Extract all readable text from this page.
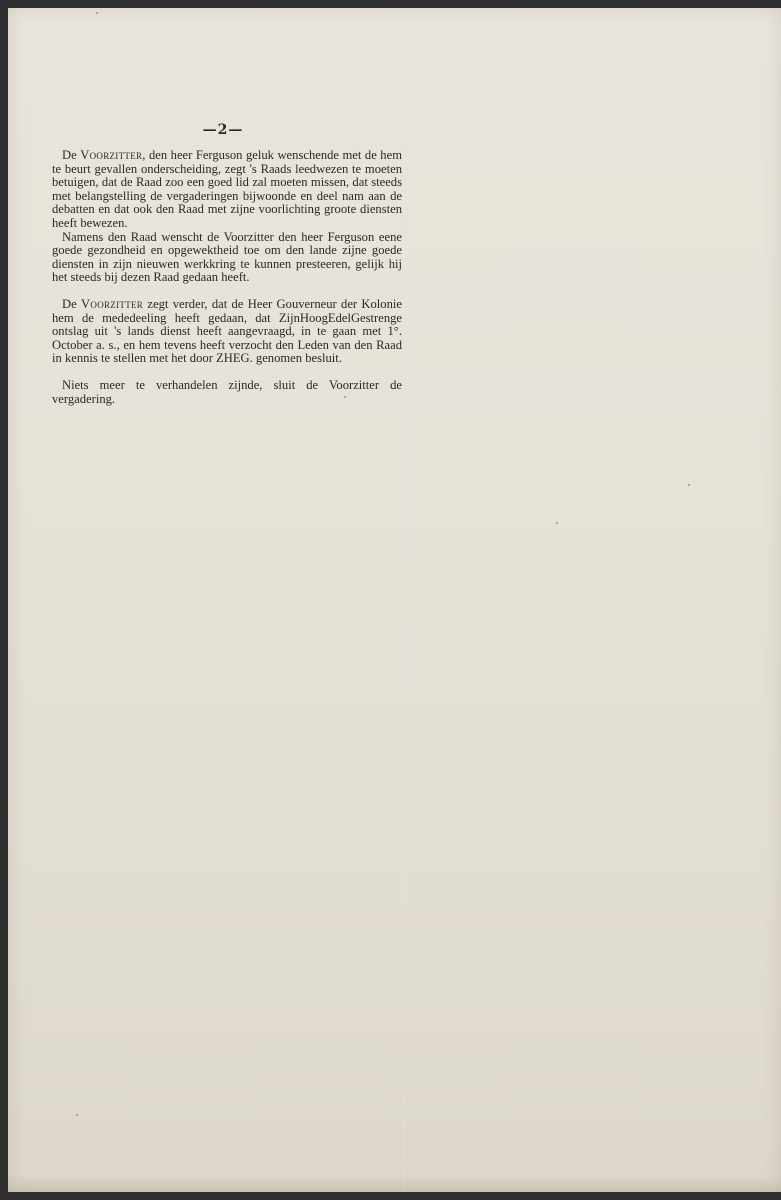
—2—

De Voorzitter, den heer Ferguson geluk wenschende met de hem te beurt gevallen onderscheiding, zegt 's Raads leedwezen te moeten betuigen, dat de Raad zoo een goed lid zal moeten missen, dat steeds met belangstelling de vergaderingen bijwoonde en deel nam aan de debatten en dat ook den Raad met zijne voorlichting groote diensten heeft bewezen.

Namens den Raad wenscht de Voorzitter den heer Ferguson eene goede gezondheid en opgewektheid toe om den lande zijne goede diensten in zijn nieuwen werkkring te kunnen presteeren, gelijk hij het steeds bij dezen Raad gedaan heeft.

De Voorzitter zegt verder, dat de Heer Gouverneur der Kolonie hem de mededeeling heeft gedaan, dat ZijnHoogEdelGestrenge ontslag uit 's lands dienst heeft aangevraagd, in te gaan met 1°. October a. s., en hem tevens heeft verzocht den Leden van den Raad in kennis te stellen met het door ZHEG. genomen besluit.

Niets meer te verhandelen zijnde, sluit de Voorzitter de vergadering.
